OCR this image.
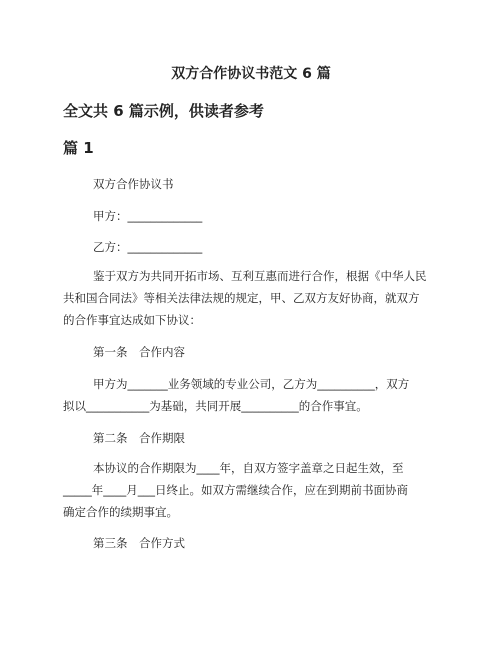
双方合作协议书范文 6 篇
全文共 6 篇示例，供读者参考
篇 1
双方合作协议书
甲方：_____________
乙方：_____________
鉴于双方为共同开拓市场、互利互惠而进行合作，根据《中华人民
共和国合同法》等相关法律法规的规定，甲、乙双方友好协商，就双方
的合作事宜达成如下协议：
第一条　合作内容
甲方为_______业务领域的专业公司，乙方为__________，双方
拟以___________为基础，共同开展__________的合作事宜。
第二条　合作期限
本协议的合作期限为____年，自双方签字盖章之日起生效，至
_____年____月___日终止。如双方需继续合作，应在到期前书面协商
确定合作的续期事宜。
第三条　合作方式
